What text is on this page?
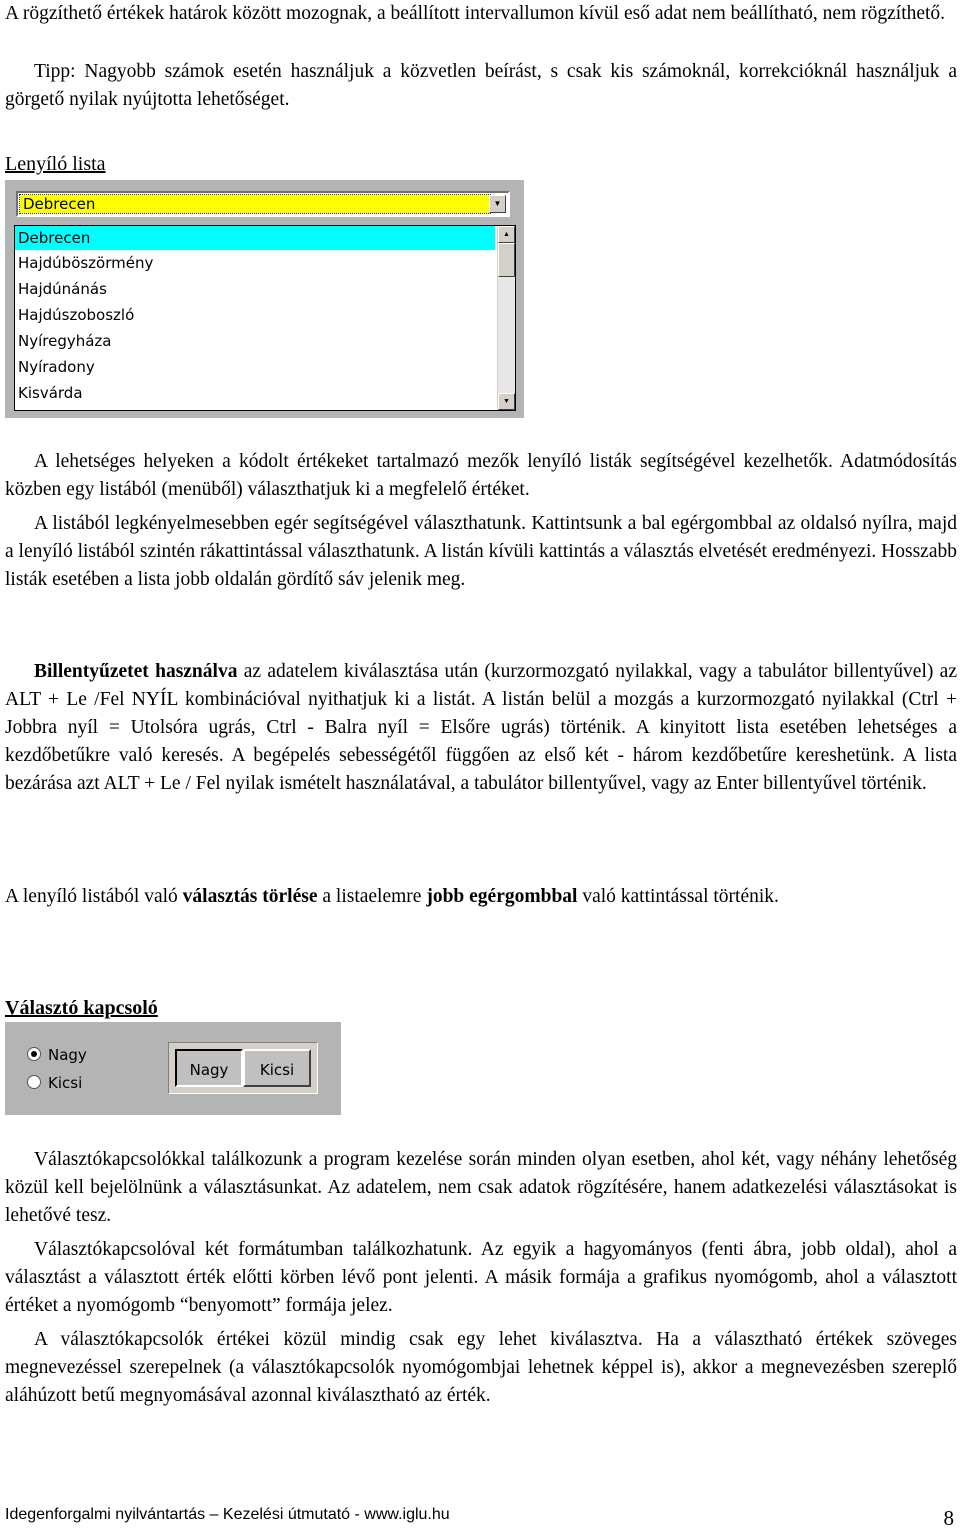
A rögzíthető értékek határok között mozognak, a beállított intervallumon kívül eső adat nem beállítható, nem rögzíthető.

Tipp: Nagyobb számok esetén használjuk a közvetlen beírást, s csak kis számoknál, korrekcióknál használjuk a görgető nyilak nyújtotta lehetőséget.

Lenyíló lista

Debrecen	▼
Debrecen
Hajdúböszörmény
Hajdúnánás
Hajdúszoboszló
Nyíregyháza
Nyíradony
Kisvárda
▲
▼

A lehetséges helyeken a kódolt értékeket tartalmazó mezők lenyíló listák segítségével kezelhetők. Adatmódosítás közben egy listából (menüből) választhatjuk ki a megfelelő értéket.

A listából legkényelmesebben egér segítségével választhatunk. Kattintsunk a bal egérgombbal az oldalsó nyílra, majd a lenyíló listából szintén rákattintással választhatunk. A listán kívüli kattintás a választás elvetését eredményezi. Hosszabb listák esetében a lista jobb oldalán gördítő sáv jelenik meg.

Billentyűzetet használva az adatelem kiválasztása után (kurzormozgató nyilakkal, vagy a tabulátor billentyűvel) az ALT + Le /Fel NYÍL kombinációval nyithatjuk ki a listát. A listán belül a mozgás a kurzormozgató nyilakkal (Ctrl + Jobbra nyíl = Utolsóra ugrás, Ctrl - Balra nyíl = Elsőre ugrás) történik. A kinyitott lista esetében lehetséges a kezdőbetűkre való keresés. A begépelés sebességétől függően az első két - három kezdőbetűre kereshetünk. A lista bezárása azt ALT + Le / Fel nyilak ismételt használatával, a tabulátor billentyűvel, vagy az Enter billentyűvel történik.

A lenyíló listából való választás törlése a listaelemre jobb egérgombbal való kattintással történik.

Választó kapcsoló

Nagy
Kicsi
Nagy	Kicsi

Választókapcsolókkal találkozunk a program kezelése során minden olyan esetben, ahol két, vagy néhány lehetőség közül kell bejelölnünk a választásunkat. Az adatelem, nem csak adatok rögzítésére, hanem adatkezelési választásokat is lehetővé tesz.

Választókapcsolóval két formátumban találkozhatunk. Az egyik a hagyományos (fenti ábra, jobb oldal), ahol a választást a választott érték előtti körben lévő pont jelenti. A másik formája a grafikus nyomógomb, ahol a választott értéket a nyomógomb “benyomott” formája jelez.

A választókapcsolók értékei közül mindig csak egy lehet kiválasztva. Ha a választható értékek szöveges megnevezéssel szerepelnek (a választókapcsolók nyomógombjai lehetnek képpel is), akkor a megnevezésben szereplő aláhúzott betű megnyomásával azonnal kiválasztható az érték.

Idegenforgalmi nyilvántartás – Kezelési útmutató - www.iglu.hu	8
